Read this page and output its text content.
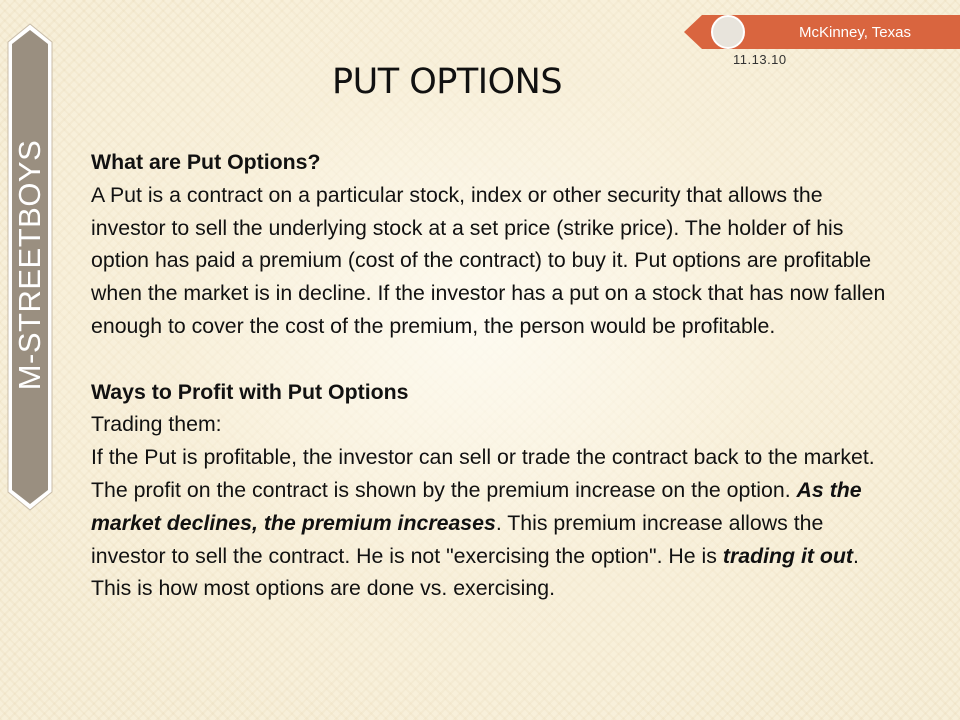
M-STREETBOYS
McKinney, Texas
11.13.10
PUT OPTIONS

What are Put Options?

A Put is a contract on a particular stock, index or other security that allows the investor to sell the underlying stock at a set price (strike price). The holder of his option has paid a premium (cost of the contract) to buy it. Put options are profitable when the market is in decline. If the investor has a put on a stock that has now fallen enough to cover the cost of the premium, the person would be profitable.

Ways to Profit with Put Options

Trading them:

If the Put is profitable, the investor can sell or trade the contract back to the market. The profit on the contract is shown by the premium increase on the option. As the market declines, the premium increases. This premium increase allows the investor to sell the contract. He is not "exercising the option". He is trading it out. This is how most options are done vs. exercising.
